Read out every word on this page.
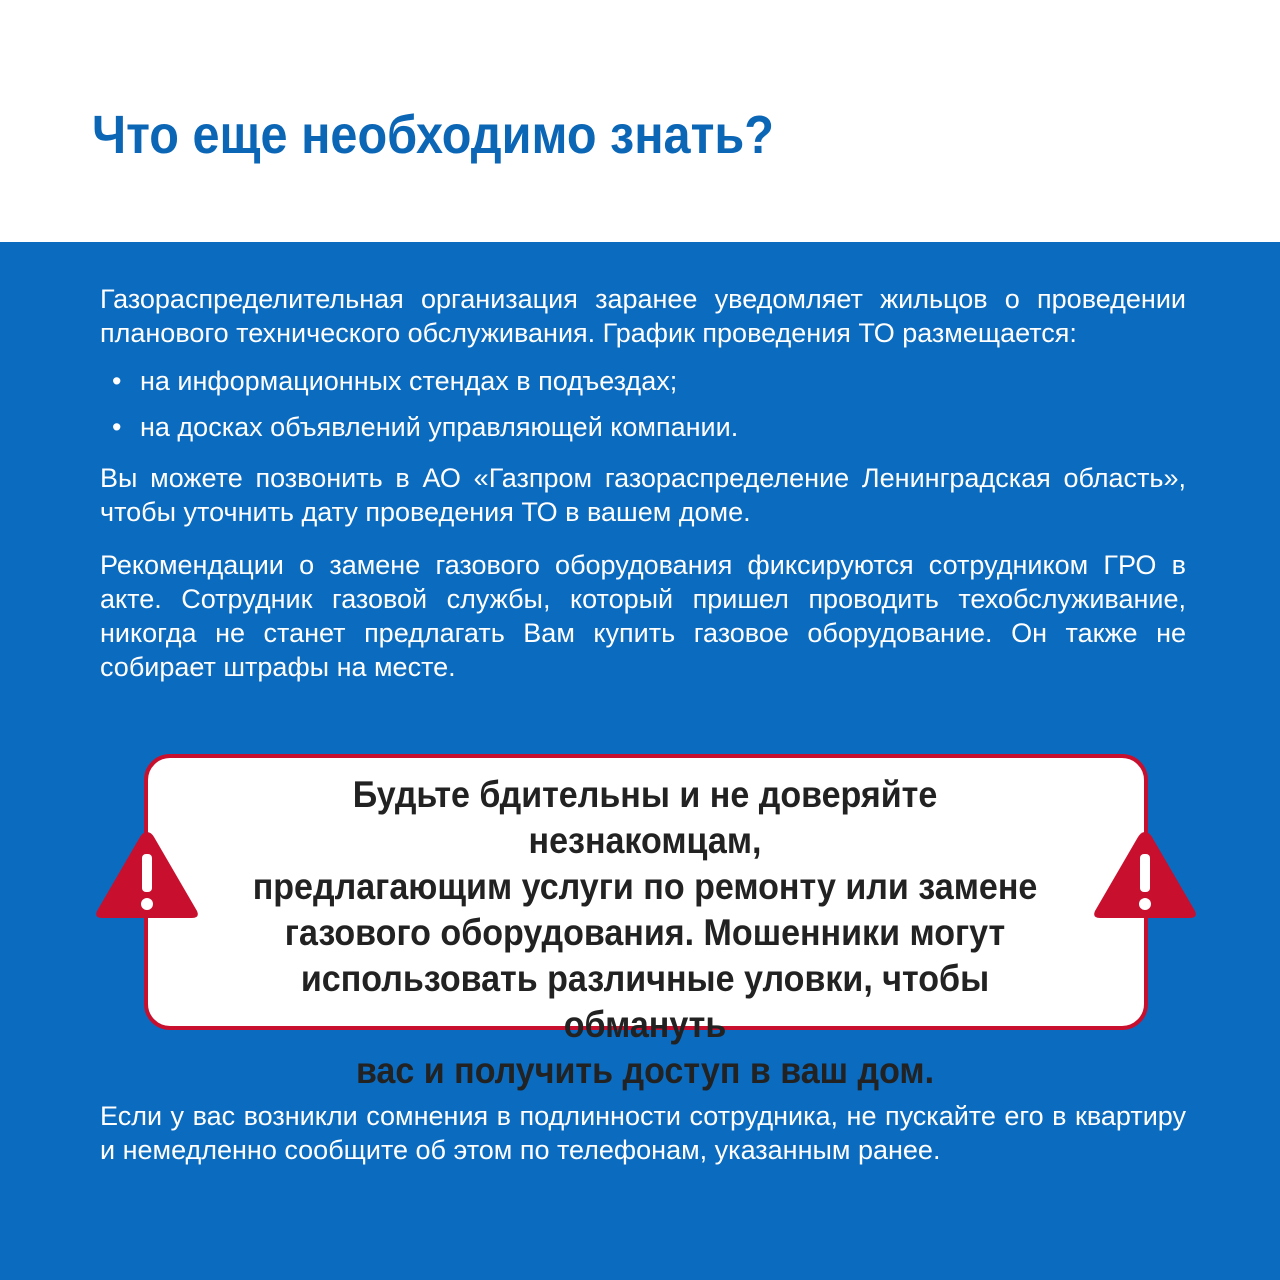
Что еще необходимо знать?

Газораспределительная организация заранее уведомляет жильцов о проведении планового технического обслуживания. График проведения ТО размещается:

• на информационных стендах в подъездах;
• на досках объявлений управляющей компании.

Вы можете позвонить в АО «Газпром газораспределение Ленинградская область», чтобы уточнить дату проведения ТО в вашем доме.

Рекомендации о замене газового оборудования фиксируются сотрудником ГРО в акте. Сотрудник газовой службы, который пришел проводить техобслуживание, никогда не станет предлагать Вам купить газовое оборудование. Он также не собирает штрафы на месте.

Будьте бдительны и не доверяйте незнакомцам,
предлагающим услуги по ремонту или замене
газового оборудования. Мошенники могут
использовать различные уловки, чтобы обмануть
вас и получить доступ в ваш дом.

Если у вас возникли сомнения в подлинности сотрудника, не пускайте его в квартиру и немедленно сообщите об этом по телефонам, указанным ранее.
